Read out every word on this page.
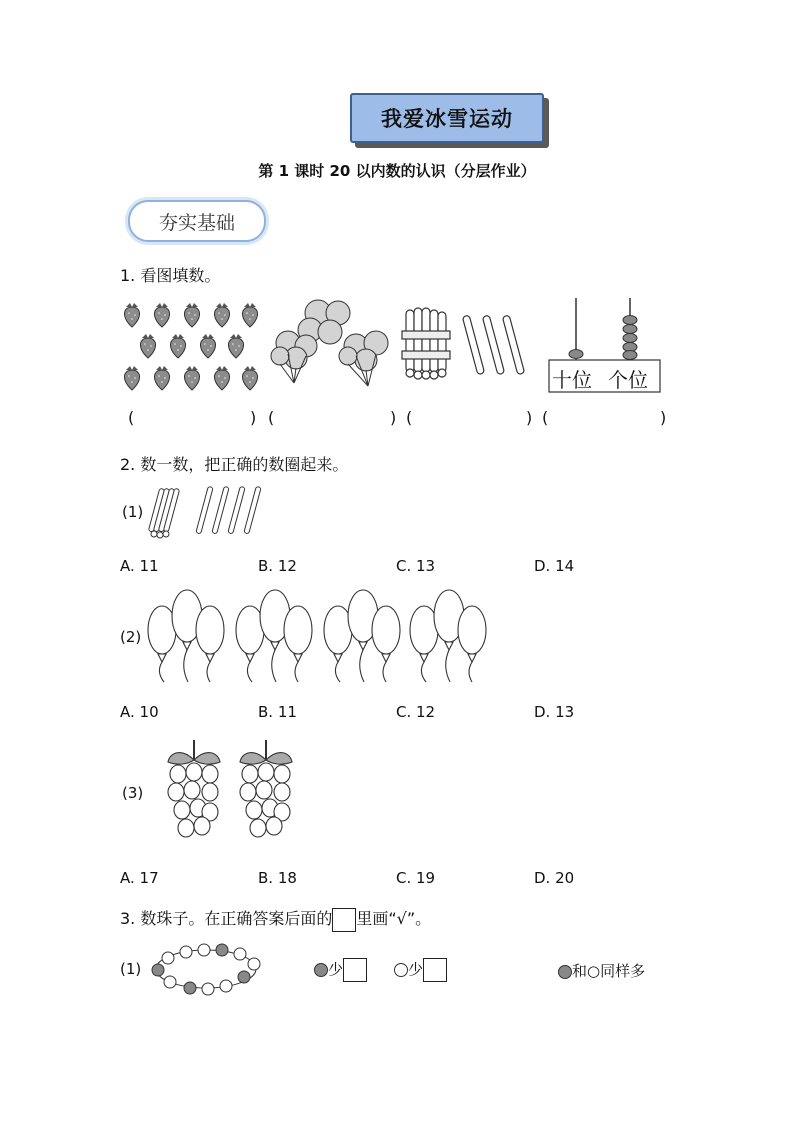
我爱冰雪运动
第 1 课时 20 以内数的认识（分层作业）
夯实基础
1. 看图填数。
十位 个位
(	) (	) (	) (	)
2. 数一数，把正确的数圈起来。
(1)
A. 11	B. 12	C. 13	D. 14
(2)
A. 10	B. 11	C. 12	D. 13
(3)
A. 17	B. 18	C. 19	D. 20
3. 数珠子。在正确答案后面的 里画“√”。
(1)	少	少	和○同样多
